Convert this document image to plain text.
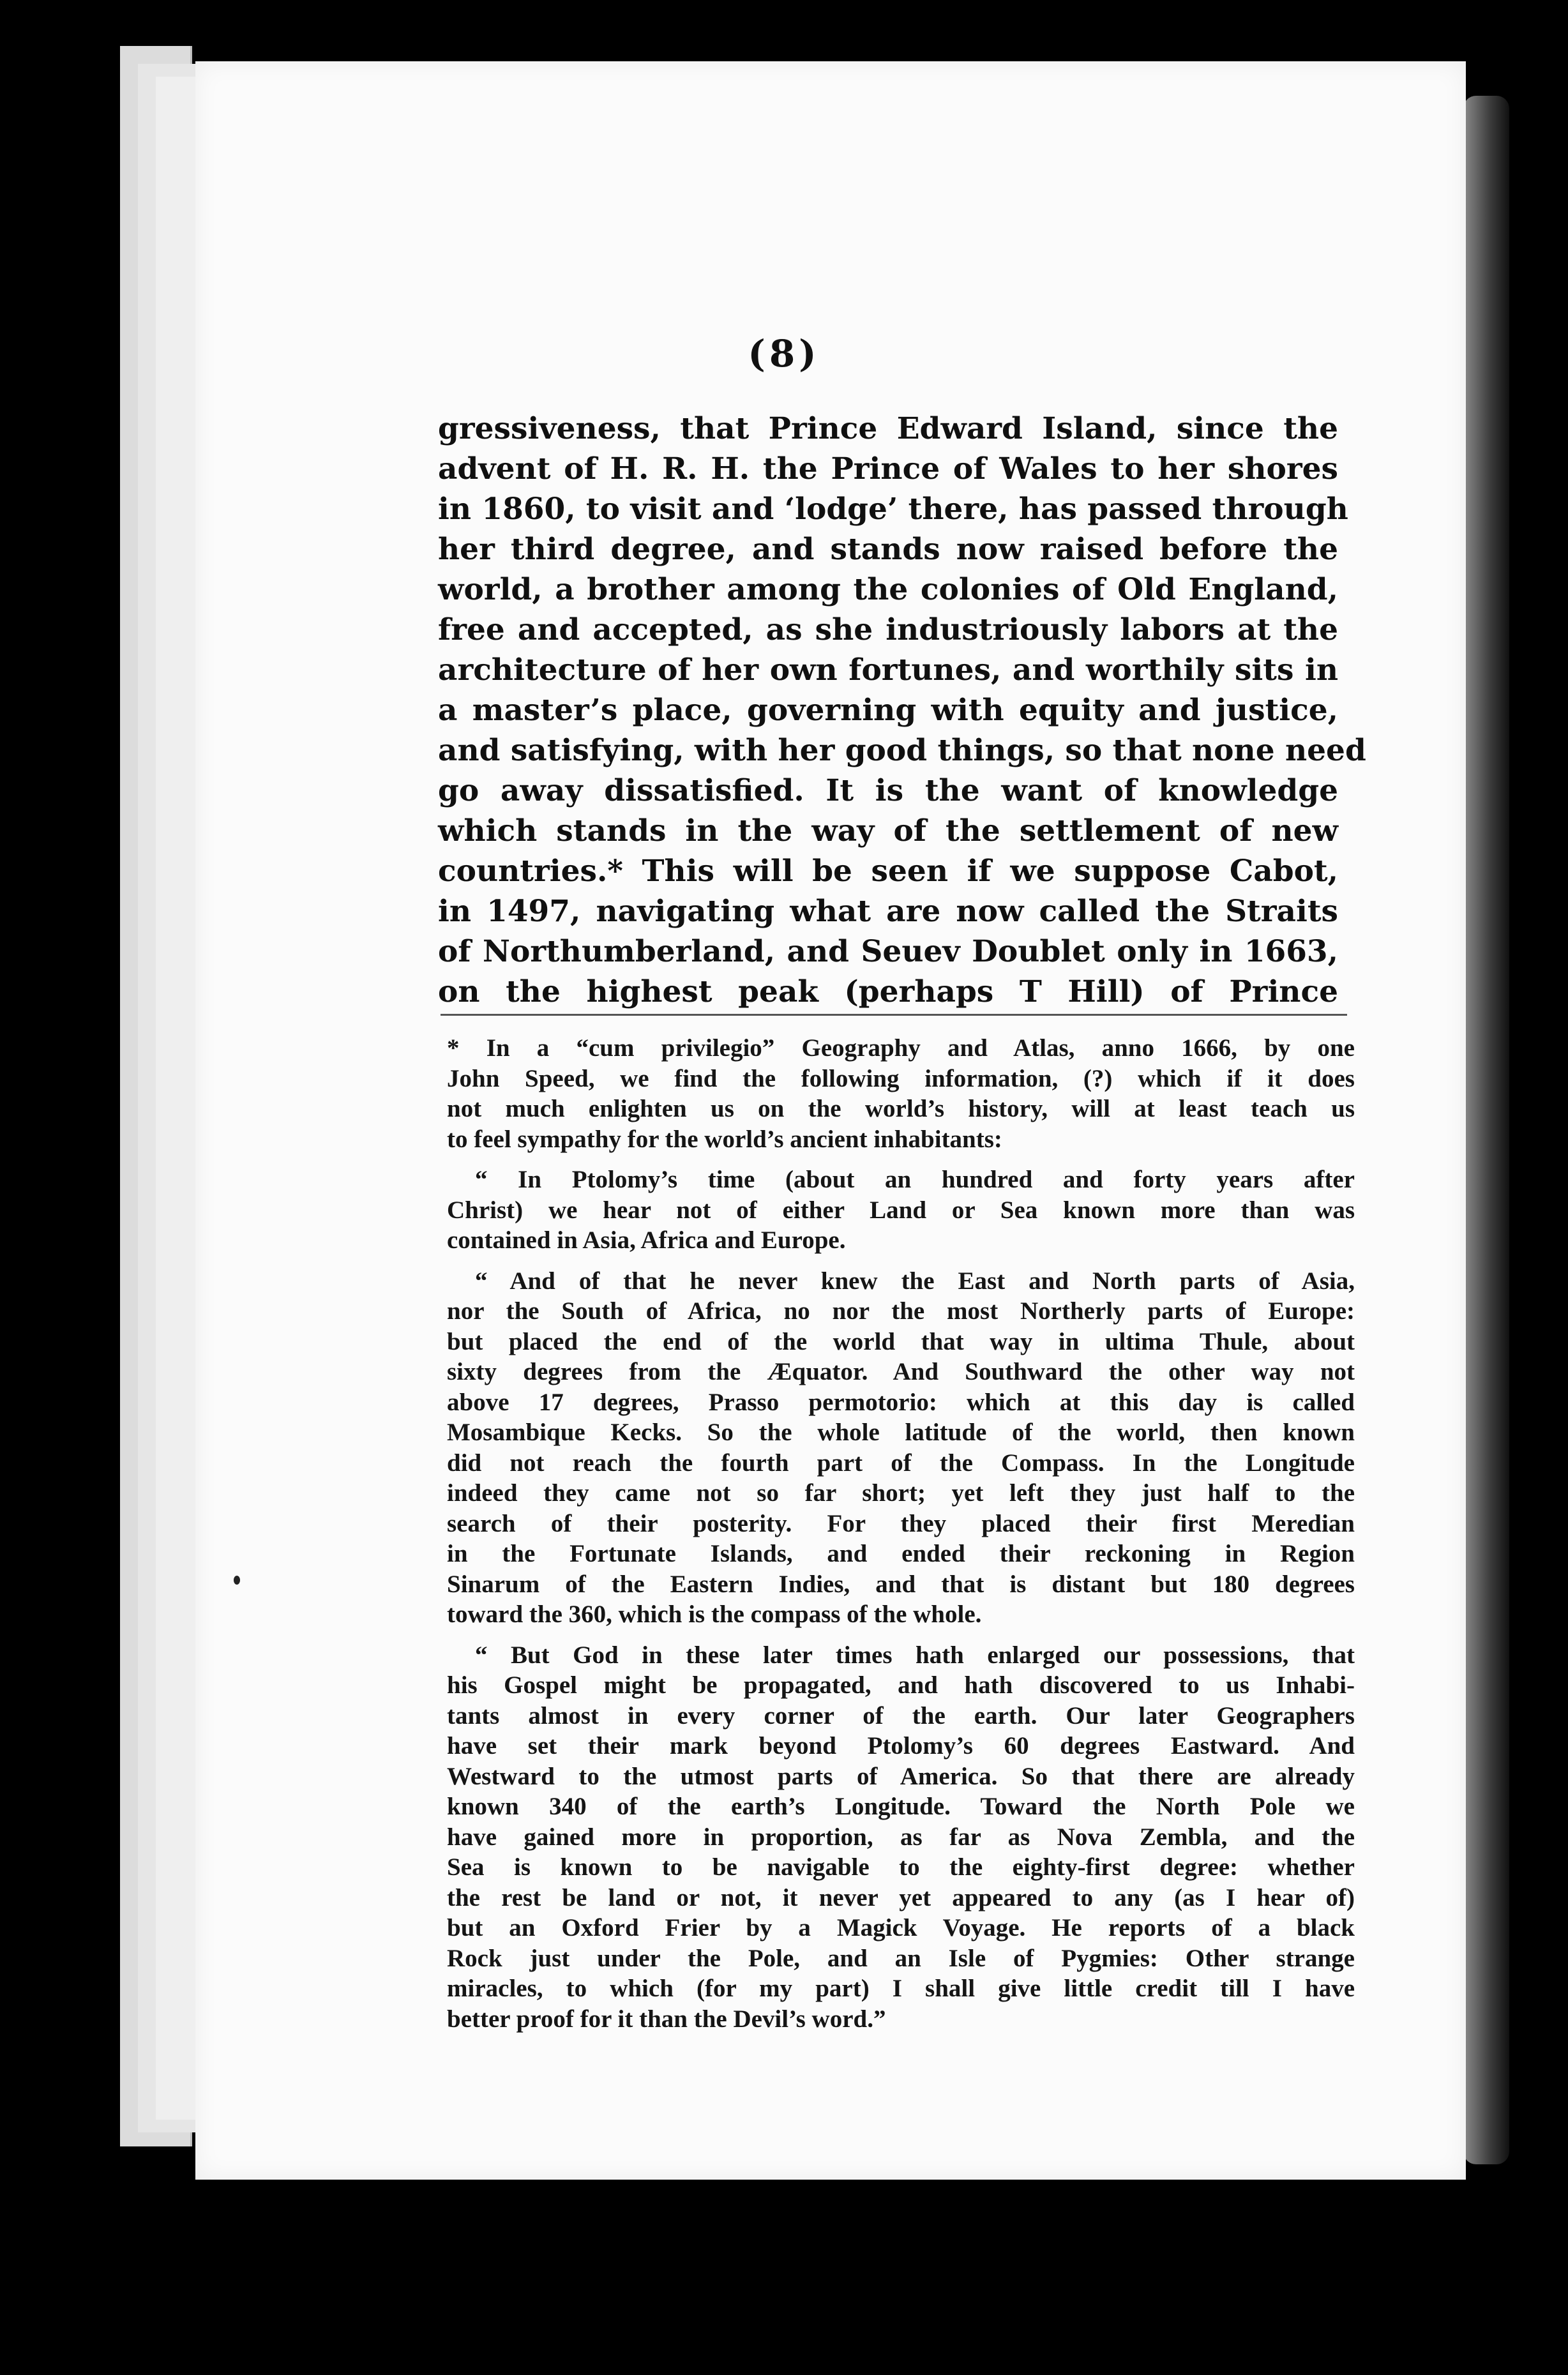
(8)
gressiveness, that Prince Edward Island, since the
advent of H. R. H. the Prince of Wales to her shores
in 1860, to visit and ‘lodge’ there, has passed through
her third degree, and stands now raised before the
world, a brother among the colonies of Old England,
free and accepted, as she industriously labors at the
architecture of her own fortunes, and worthily sits in
a master’s place, governing with equity and justice,
and satisfying, with her good things, so that none need
go away dissatisfied. It is the want of knowledge
which stands in the way of the settlement of new
countries.* This will be seen if we suppose Cabot,
in 1497, navigating what are now called the Straits
of Northumberland, and Seuev Doublet only in 1663,
on the highest peak (perhaps T Hill) of Prince
* In a “cum privilegio” Geography and Atlas, anno 1666, by one
John Speed, we find the following information, (?) which if it does
not much enlighten us on the world’s history, will at least teach us
to feel sympathy for the world’s ancient inhabitants:
“ In Ptolomy’s time (about an hundred and forty years after
Christ) we hear not of either Land or Sea known more than was
contained in Asia, Africa and Europe.
“ And of that he never knew the East and North parts of Asia,
nor the South of Africa, no nor the most Northerly parts of Europe:
but placed the end of the world that way in ultima Thule, about
sixty degrees from the Æquator. And Southward the other way not
above 17 degrees, Prasso permotorio: which at this day is called
Mosambique Kecks. So the whole latitude of the world, then known
did not reach the fourth part of the Compass. In the Longitude
indeed they came not so far short; yet left they just half to the
search of their posterity. For they placed their first Meredian
in the Fortunate Islands, and ended their reckoning in Region
Sinarum of the Eastern Indies, and that is distant but 180 degrees
toward the 360, which is the compass of the whole.
“ But God in these later times hath enlarged our possessions, that
his Gospel might be propagated, and hath discovered to us Inhabi-
tants almost in every corner of the earth. Our later Geographers
have set their mark beyond Ptolomy’s 60 degrees Eastward. And
Westward to the utmost parts of America. So that there are already
known 340 of the earth’s Longitude. Toward the North Pole we
have gained more in proportion, as far as Nova Zembla, and the
Sea is known to be navigable to the eighty-first degree: whether
the rest be land or not, it never yet appeared to any (as I hear of)
but an Oxford Frier by a Magick Voyage. He reports of a black
Rock just under the Pole, and an Isle of Pygmies: Other strange
miracles, to which (for my part) I shall give little credit till I have
better proof for it than the Devil’s word.”
